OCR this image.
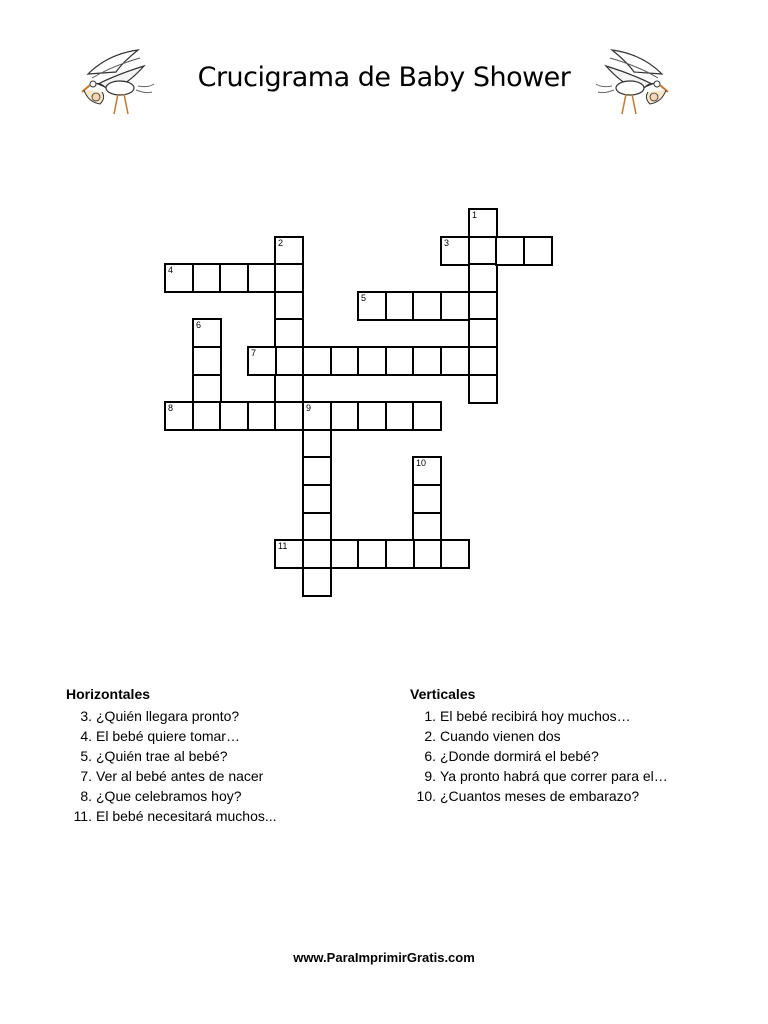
Crucigrama de Baby Shower
1
3
2
4
5
6
7
8	9
10
11
Horizontales
3. ¿Quién llegara pronto?
4. El bebé quiere tomar…
5. ¿Quién trae al bebé?
7. Ver al bebé antes de nacer
8. ¿Que celebramos hoy?
11. El bebé necesitará muchos...
Verticales
1. El bebé recibirá hoy muchos…
2. Cuando vienen dos
6. ¿Donde dormirá el bebé?
9. Ya pronto habrá que correr para el…
10. ¿Cuantos meses de embarazo?
www.ParaImprimirGratis.com
